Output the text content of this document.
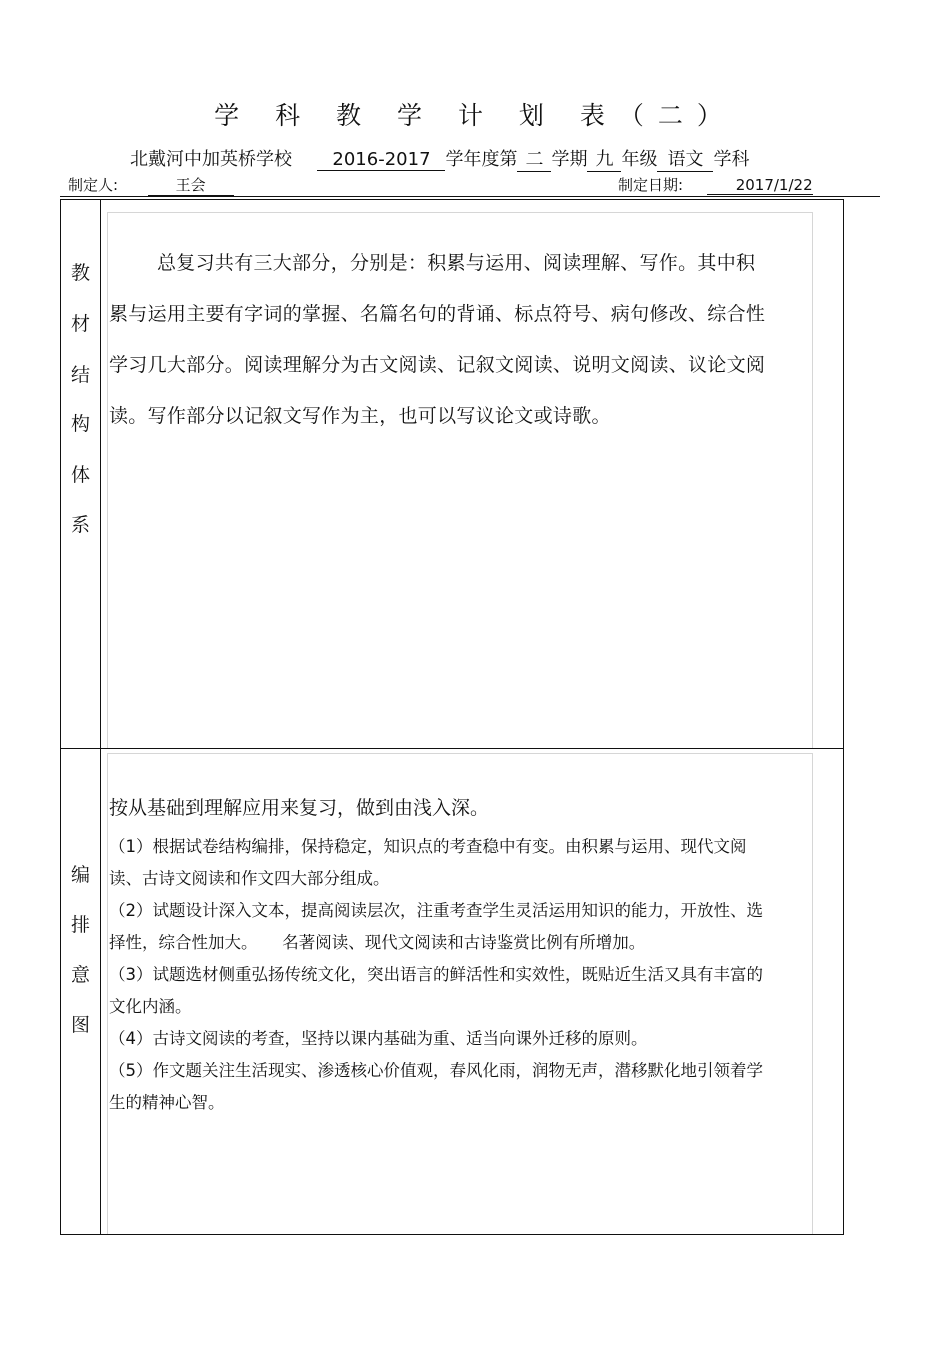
学 科 教 学 计 划 表（二）
北戴河中加英桥学校 2016-2017 学年度第 二 学期 九 年级 语文 学科
制定人:	王会	制定日期:	2017/1/22
教
材
结
构
体
系
总复习共有三大部分，分别是：积累与运用、阅读理解、写作。其中积累与运用主要有字词的掌握、名篇名句的背诵、标点符号、病句修改、综合性学习几大部分。阅读理解分为古文阅读、记叙文阅读、说明文阅读、议论文阅读。写作部分以记叙文写作为主，也可以写议论文或诗歌。
编
排
意
图
按从基础到理解应用来复习，做到由浅入深。
（1）根据试卷结构编排，保持稳定，知识点的考查稳中有变。由积累与运用、现代文阅读、古诗文阅读和作文四大部分组成。
（2）试题设计深入文本，提高阅读层次，注重考查学生灵活运用知识的能力，开放性、选择性，综合性加大。　　名著阅读、现代文阅读和古诗鉴赏比例有所增加。
（3）试题选材侧重弘扬传统文化，突出语言的鲜活性和实效性，既贴近生活又具有丰富的文化内涵。
（4）古诗文阅读的考查，坚持以课内基础为重、适当向课外迁移的原则。
（5）作文题关注生活现实、渗透核心价值观，春风化雨，润物无声，潜移默化地引领着学生的精神心智。
